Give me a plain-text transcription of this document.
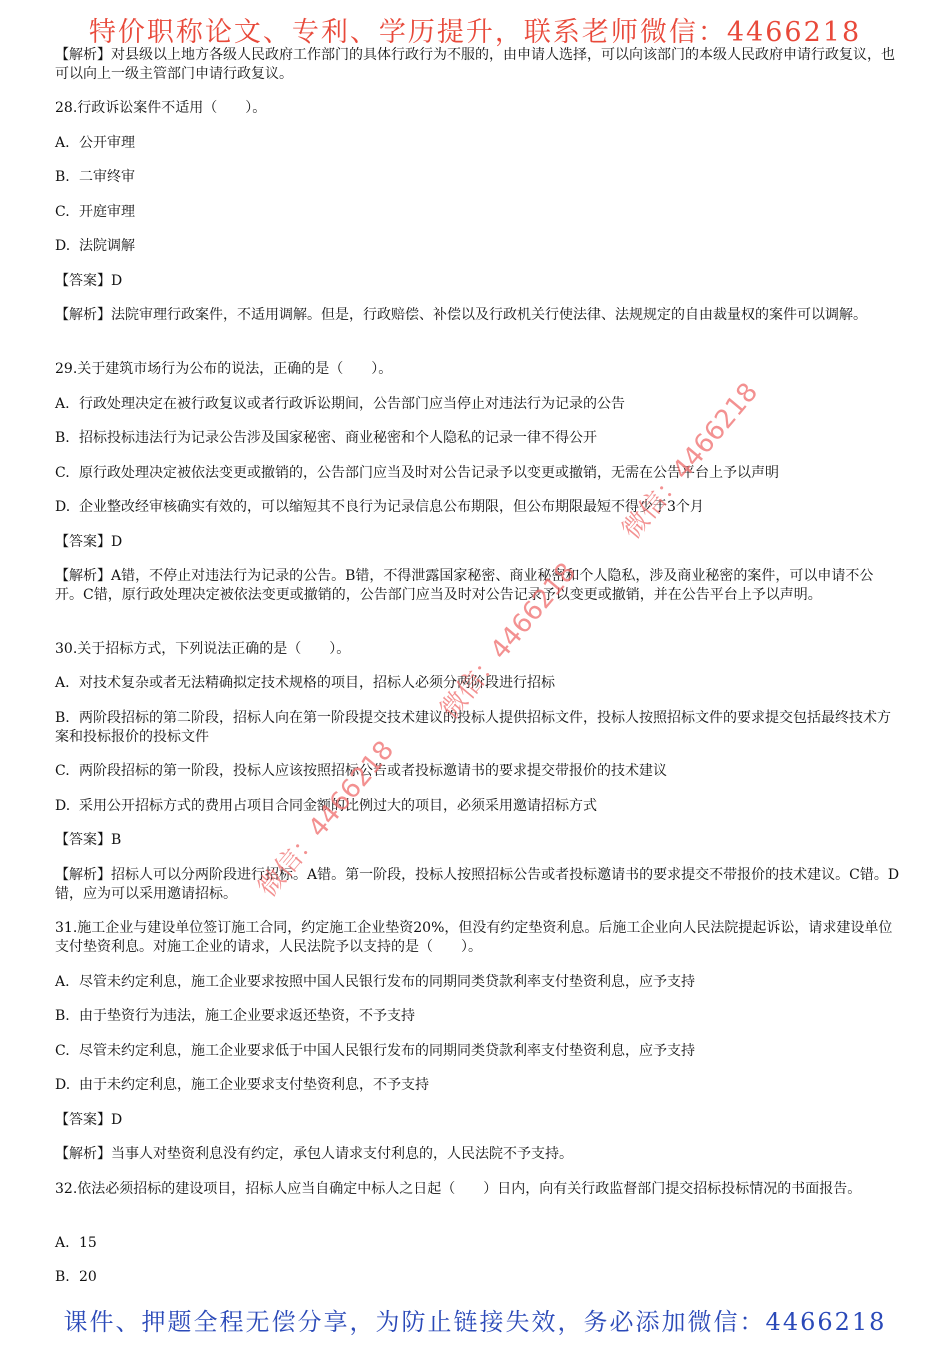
特价职称论文、专利、学历提升，联系老师微信：4466218

【解析】对县级以上地方各级人民政府工作部门的具体行政行为不服的，由申请人选择，可以向该部门的本级人民政府申请行政复议，也可以向上一级主管部门申请行政复议。

28.行政诉讼案件不适用（　　）。

A. 公开审理

B. 二审终审

C. 开庭审理

D. 法院调解

【答案】D

【解析】法院审理行政案件，不适用调解。但是，行政赔偿、补偿以及行政机关行使法律、法规规定的自由裁量权的案件可以调解。

29.关于建筑市场行为公布的说法，正确的是（　　）。

A. 行政处理决定在被行政复议或者行政诉讼期间，公告部门应当停止对违法行为记录的公告

B. 招标投标违法行为记录公告涉及国家秘密、商业秘密和个人隐私的记录一律不得公开

C. 原行政处理决定被依法变更或撤销的，公告部门应当及时对公告记录予以变更或撤销，无需在公告平台上予以声明

D. 企业整改经审核确实有效的，可以缩短其不良行为记录信息公布期限，但公布期限最短不得少于3个月

【答案】D

【解析】A错，不停止对违法行为记录的公告。B错，不得泄露国家秘密、商业秘密和个人隐私，涉及商业秘密的案件，可以申请不公开。C错，原行政处理决定被依法变更或撤销的，公告部门应当及时对公告记录予以变更或撤销，并在公告平台上予以声明。

30.关于招标方式，下列说法正确的是（　　）。

A. 对技术复杂或者无法精确拟定技术规格的项目，招标人必须分两阶段进行招标

B. 两阶段招标的第二阶段，招标人向在第一阶段提交技术建议的投标人提供招标文件，投标人按照招标文件的要求提交包括最终技术方案和投标报价的投标文件

C. 两阶段招标的第一阶段，投标人应该按照招标公告或者投标邀请书的要求提交带报价的技术建议

D. 采用公开招标方式的费用占项目合同金额的比例过大的项目，必须采用邀请招标方式

【答案】B

【解析】招标人可以分两阶段进行招标。A错。第一阶段，投标人按照招标公告或者投标邀请书的要求提交不带报价的技术建议。C错。D错，应为可以采用邀请招标。

31.施工企业与建设单位签订施工合同，约定施工企业垫资20%，但没有约定垫资利息。后施工企业向人民法院提起诉讼，请求建设单位支付垫资利息。对施工企业的请求，人民法院予以支持的是（　　）。

A. 尽管未约定利息，施工企业要求按照中国人民银行发布的同期同类贷款利率支付垫资利息，应予支持

B. 由于垫资行为违法，施工企业要求返还垫资，不予支持

C. 尽管未约定利息，施工企业要求低于中国人民银行发布的同期同类贷款利率支付垫资利息，应予支持

D. 由于未约定利息，施工企业要求支付垫资利息，不予支持

【答案】D

【解析】当事人对垫资利息没有约定，承包人请求支付利息的，人民法院不予支持。

32.依法必须招标的建设项目，招标人应当自确定中标人之日起（　　）日内，向有关行政监督部门提交招标投标情况的书面报告。

A. 15

B. 20

微信：4466218
微信：4466218
微信：4466218
课件、押题全程无偿分享，为防止链接失效，务必添加微信：4466218
